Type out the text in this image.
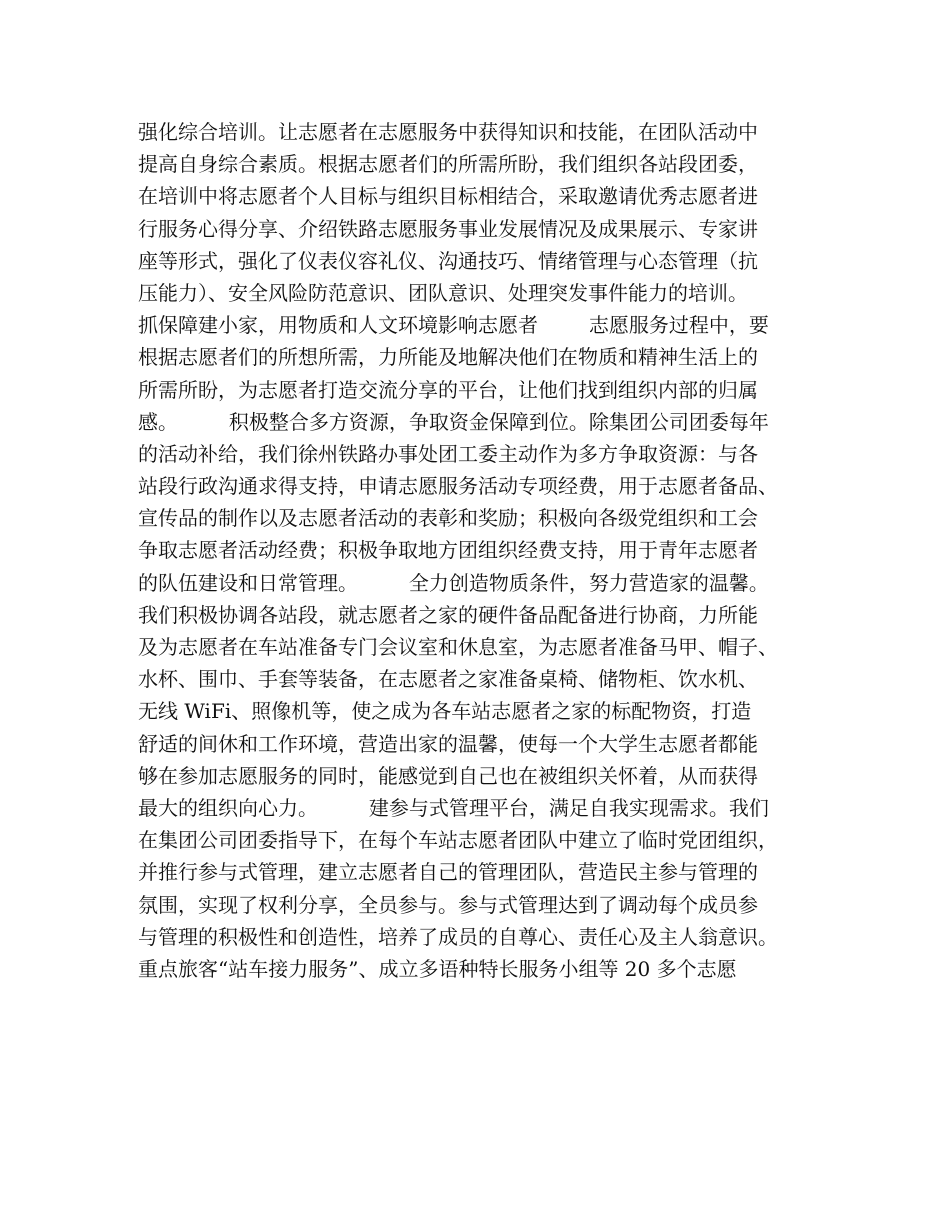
强化综合培训。让志愿者在志愿服务中获得知识和技能，在团队活动中
提高自身综合素质。根据志愿者们的所需所盼，我们组织各站段团委，
在培训中将志愿者个人目标与组织目标相结合，采取邀请优秀志愿者进
行服务心得分享、介绍铁路志愿服务事业发展情况及成果展示、专家讲
座等形式，强化了仪表仪容礼仪、沟通技巧、情绪管理与心态管理（抗
压能力）、安全风险防范意识、团队意识、处理突发事件能力的培训。
抓保障建小家，用物质和人文环境影响志愿者        志愿服务过程中，要
根据志愿者们的所想所需，力所能及地解决他们在物质和精神生活上的
所需所盼，为志愿者打造交流分享的平台，让他们找到组织内部的归属
感。        积极整合多方资源，争取资金保障到位。除集团公司团委每年
的活动补给，我们徐州铁路办事处团工委主动作为多方争取资源：与各
站段行政沟通求得支持，申请志愿服务活动专项经费，用于志愿者备品、
宣传品的制作以及志愿者活动的表彰和奖励；积极向各级党组织和工会
争取志愿者活动经费；积极争取地方团组织经费支持，用于青年志愿者
的队伍建设和日常管理。        全力创造物质条件，努力营造家的温馨。
我们积极协调各站段，就志愿者之家的硬件备品配备进行协商，力所能
及为志愿者在车站准备专门会议室和休息室，为志愿者准备马甲、帽子、
水杯、围巾、手套等装备，在志愿者之家准备桌椅、储物柜、饮水机、
无线 WiFi、照像机等，使之成为各车站志愿者之家的标配物资，打造
舒适的间休和工作环境，营造出家的温馨，使每一个大学生志愿者都能
够在参加志愿服务的同时，能感觉到自己也在被组织关怀着，从而获得
最大的组织向心力。        建参与式管理平台，满足自我实现需求。我们
在集团公司团委指导下，在每个车站志愿者团队中建立了临时党团组织，
并推行参与式管理，建立志愿者自己的管理团队，营造民主参与管理的
氛围，实现了权利分享，全员参与。参与式管理达到了调动每个成员参
与管理的积极性和创造性，培养了成员的自尊心、责任心及主人翁意识。
重点旅客“站车接力服务”、成立多语种特长服务小组等 20 多个志愿
